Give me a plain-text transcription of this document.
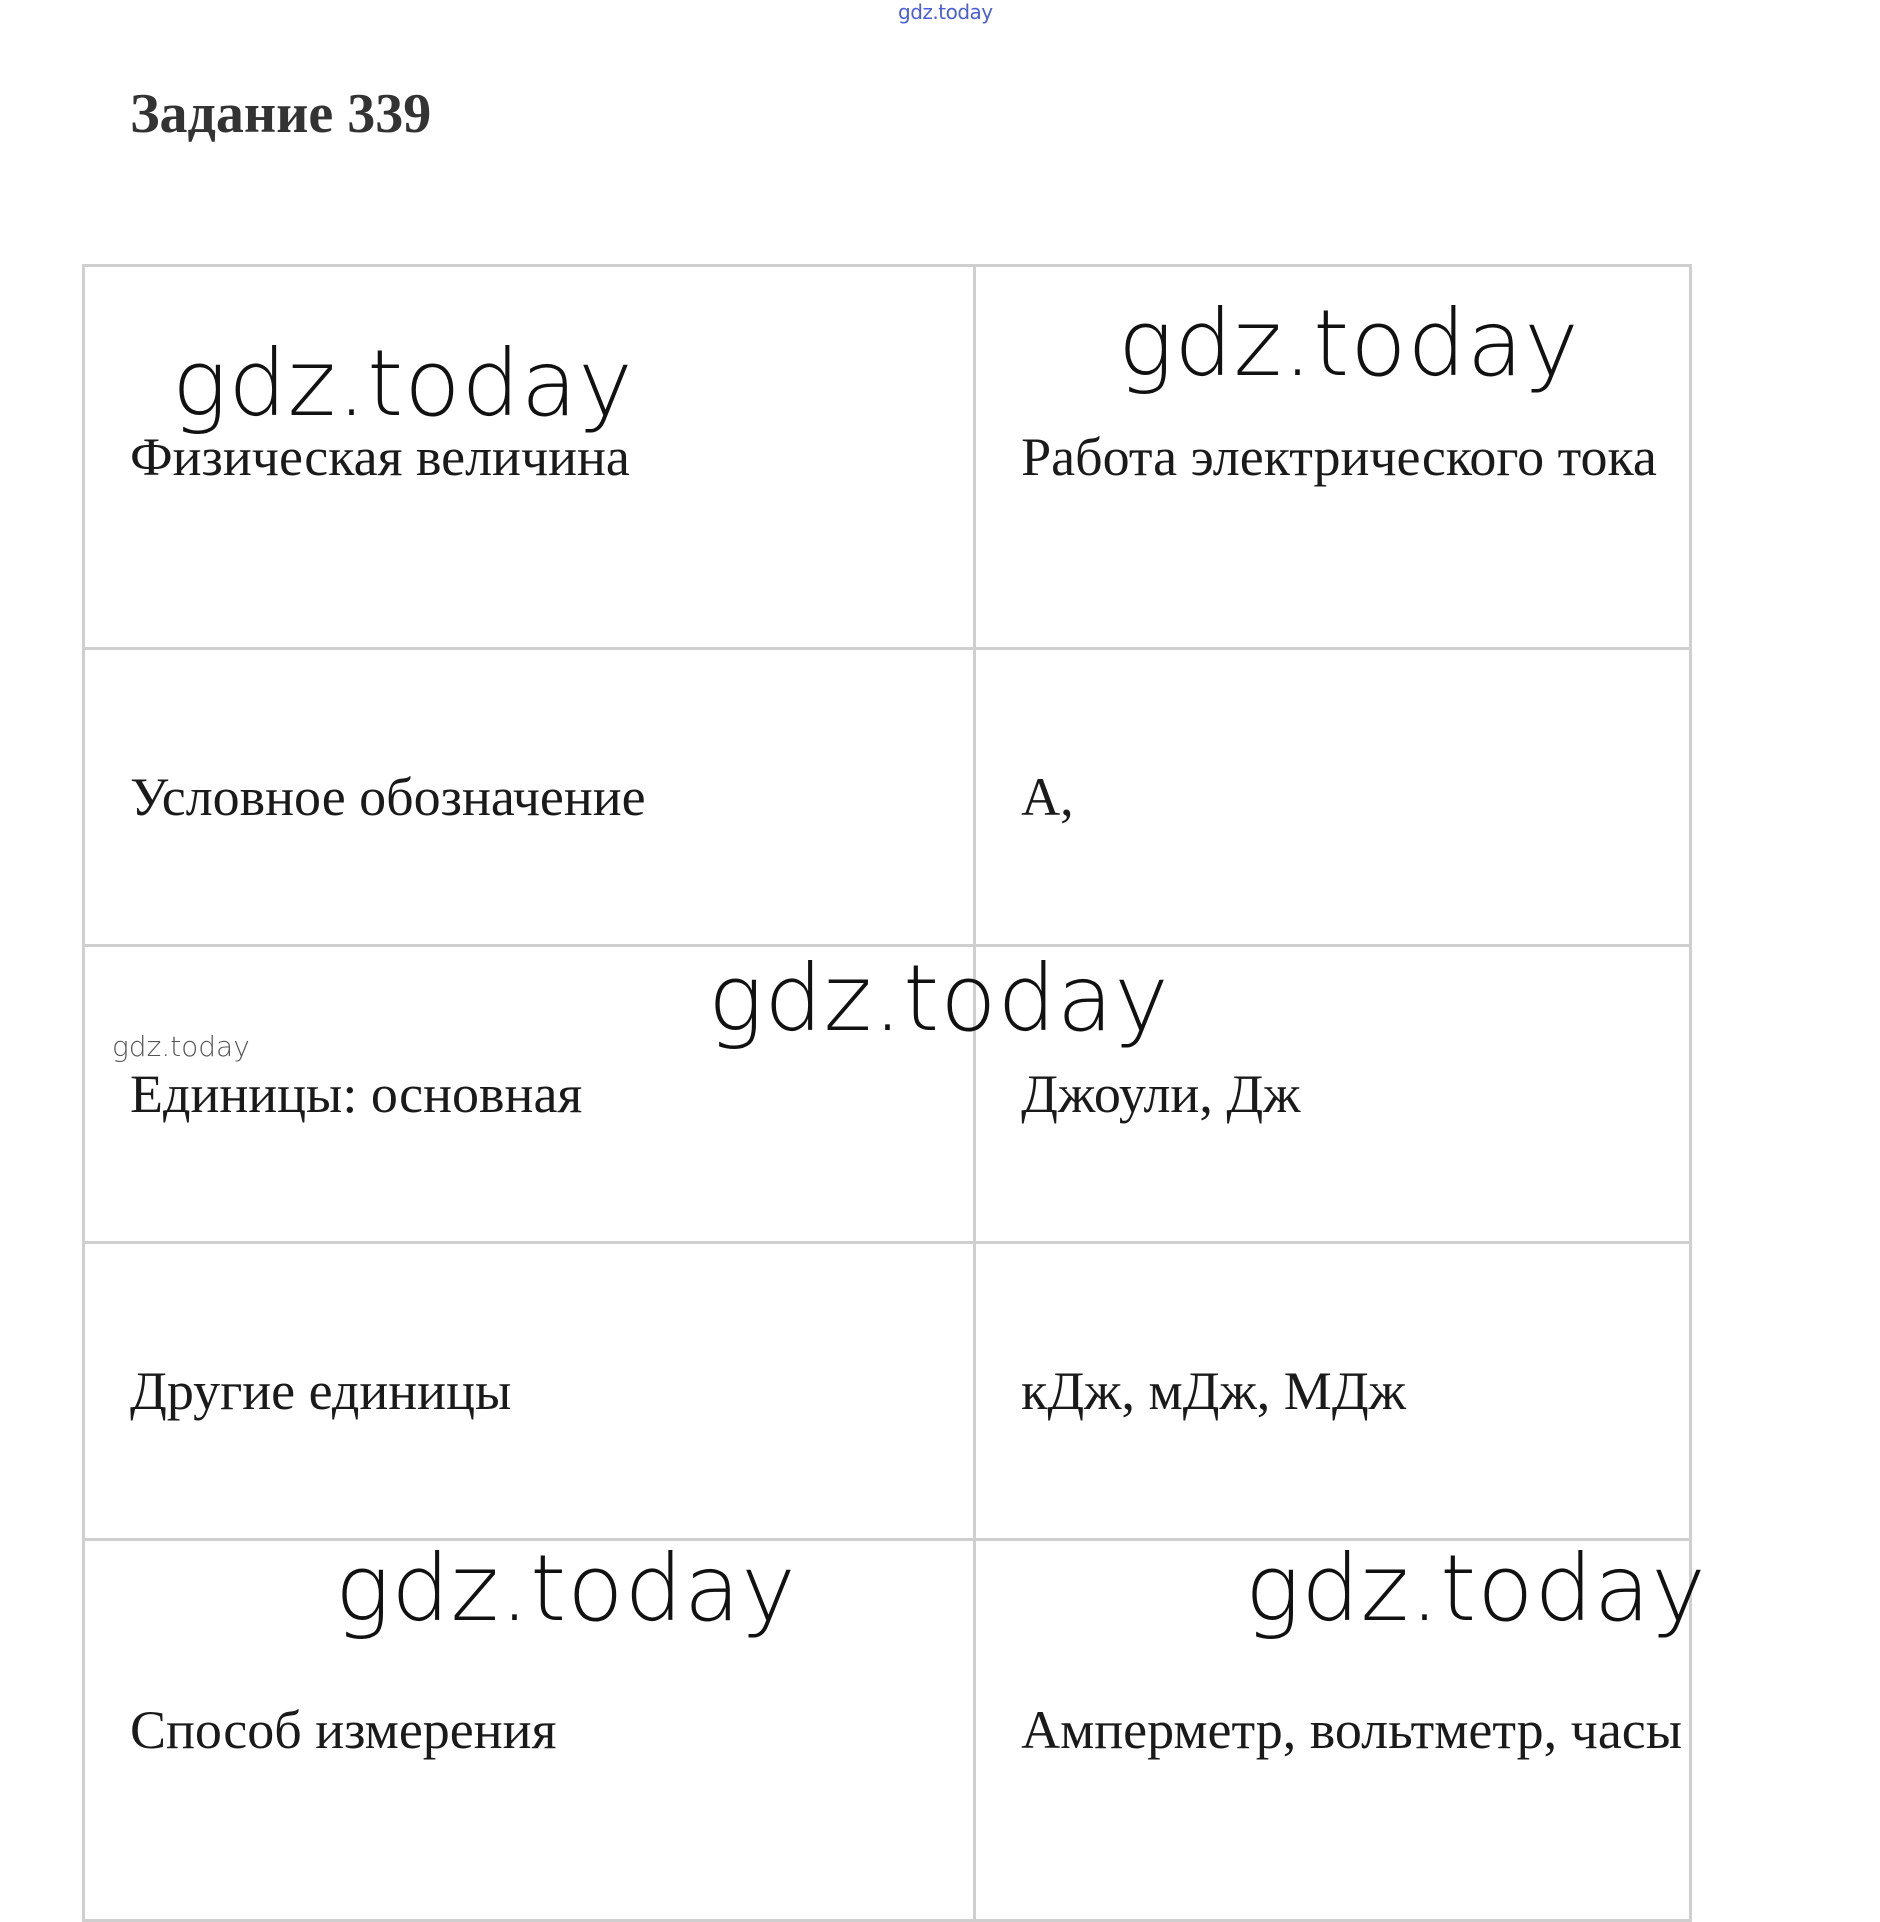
gdz.today
Задание 339
Физическая величина	Работа электрического тока
Условное обозначение	А,
Единицы: основная	Джоули, Дж
Другие единицы	кДж, мДж, МДж
Способ измерения	Амперметр, вольтметр, часы
gdz.today	gdz.today
gdz.today
gdz.today
gdz.today	gdz.today
